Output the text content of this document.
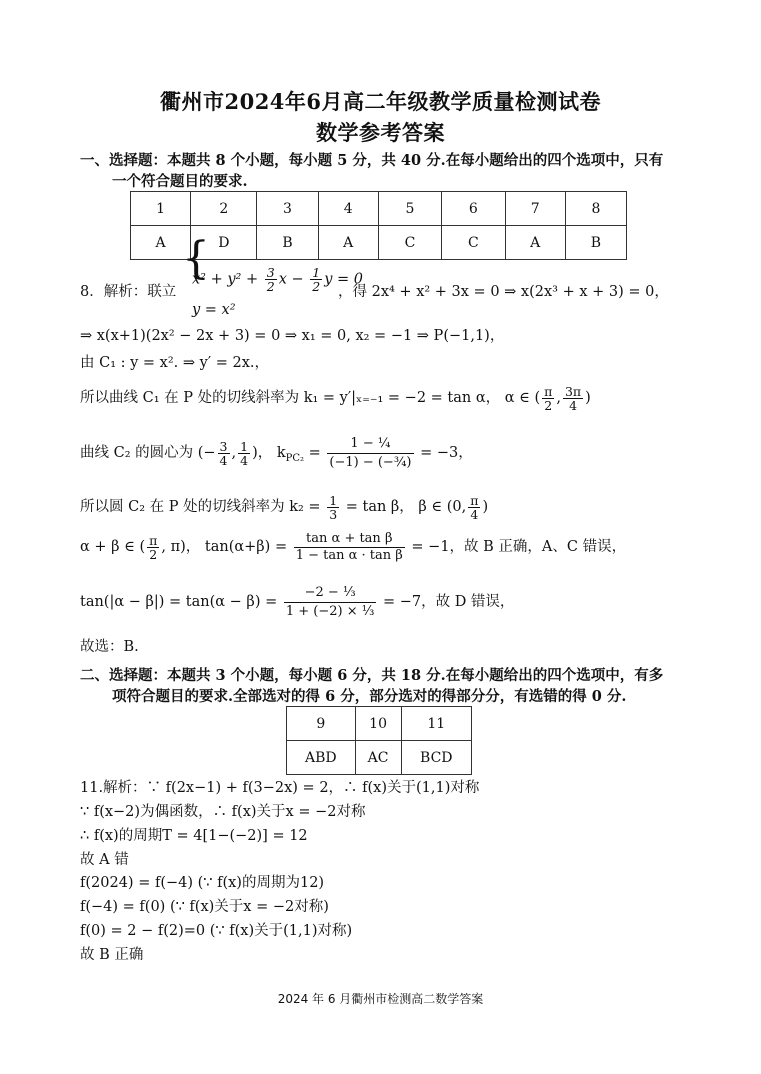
衢州市2024年6月高二年级教学质量检测试卷
数学参考答案
一、选择题：本题共 8 个小题，每小题 5 分，共 40 分.在每小题给出的四个选项中，只有
一个符合题目的要求.
1	2	3	4	5	6	7	8
A	D	B	A	C	C	A	B
8．解析：联立
{
$x^2 + y^2 + \frac{3}{2}$ $x - \frac{1}{2}$ y = 0
y = x²
，得 2x⁴ + x² + 3x = 0 ⇒ x(2x³ + x + 3) = 0，
⇒ x(x+1)(2x² − 2x + 3) = 0 ⇒ x₁ = 0, x₂ = −1 ⇒ P(−1,1)，
由 C₁ : y = x². ⇒ y′ = 2x.，
所以曲线 C₁ 在 P 处的切线斜率为 k₁ = y′|ₓ₌₋₁ = −2 = tan α， α ∈ ( $\frac{\pi}{2}$ , $\frac{3\pi}{4}$ )
曲线 C₂ 的圆心为 (− $\frac{3}{4}$ , $\frac{1}{4}$ )， $k_{PC_2} = \frac{\text{1 − ¼}}{\text{(−1) − (−¾)}} = -3$，
所以圆 C₂ 在 P 处的切线斜率为 $k_2 = \frac{1}{3} = \tan \beta$， β ∈ (0, $\frac{\pi}{4}$ )
α + β ∈ ( $\frac{\pi}{2}$ , π)， $\tan(\alpha+\beta) = \frac{\text{tan α + tan β}}{\text{1 − tan α · tan β}} = -1$，故 B 正确，A、C 错误，
$\tan(|\alpha - \beta|) = \tan(\alpha - \beta) = \frac{\text{−2 − ⅓}}{\text{1 + (−2) × ⅓}} = -7$，故 D 错误，
故选：B.
二、选择题：本题共 3 个小题，每小题 6 分，共 18 分.在每小题给出的四个选项中，有多
项符合题目的要求.全部选对的得 6 分，部分选对的得部分分，有选错的得 0 分.
9	10	11
ABD	AC	BCD
11.解析：∵ f(2x−1) + f(3−2x) = 2，∴ f(x)关于(1,1)对称
∵ f(x−2)为偶函数，∴ f(x)关于x = −2对称
∴ f(x)的周期T = 4[1−(−2)] = 12
故 A 错
f(2024) = f(−4) (∵ f(x)的周期为12)
f(−4) = f(0) (∵ f(x)关于x = −2对称)
f(0) = 2 − f(2)=0 (∵ f(x)关于(1,1)对称)
故 B 正确
2024 年 6 月衢州市检测高二数学答案
